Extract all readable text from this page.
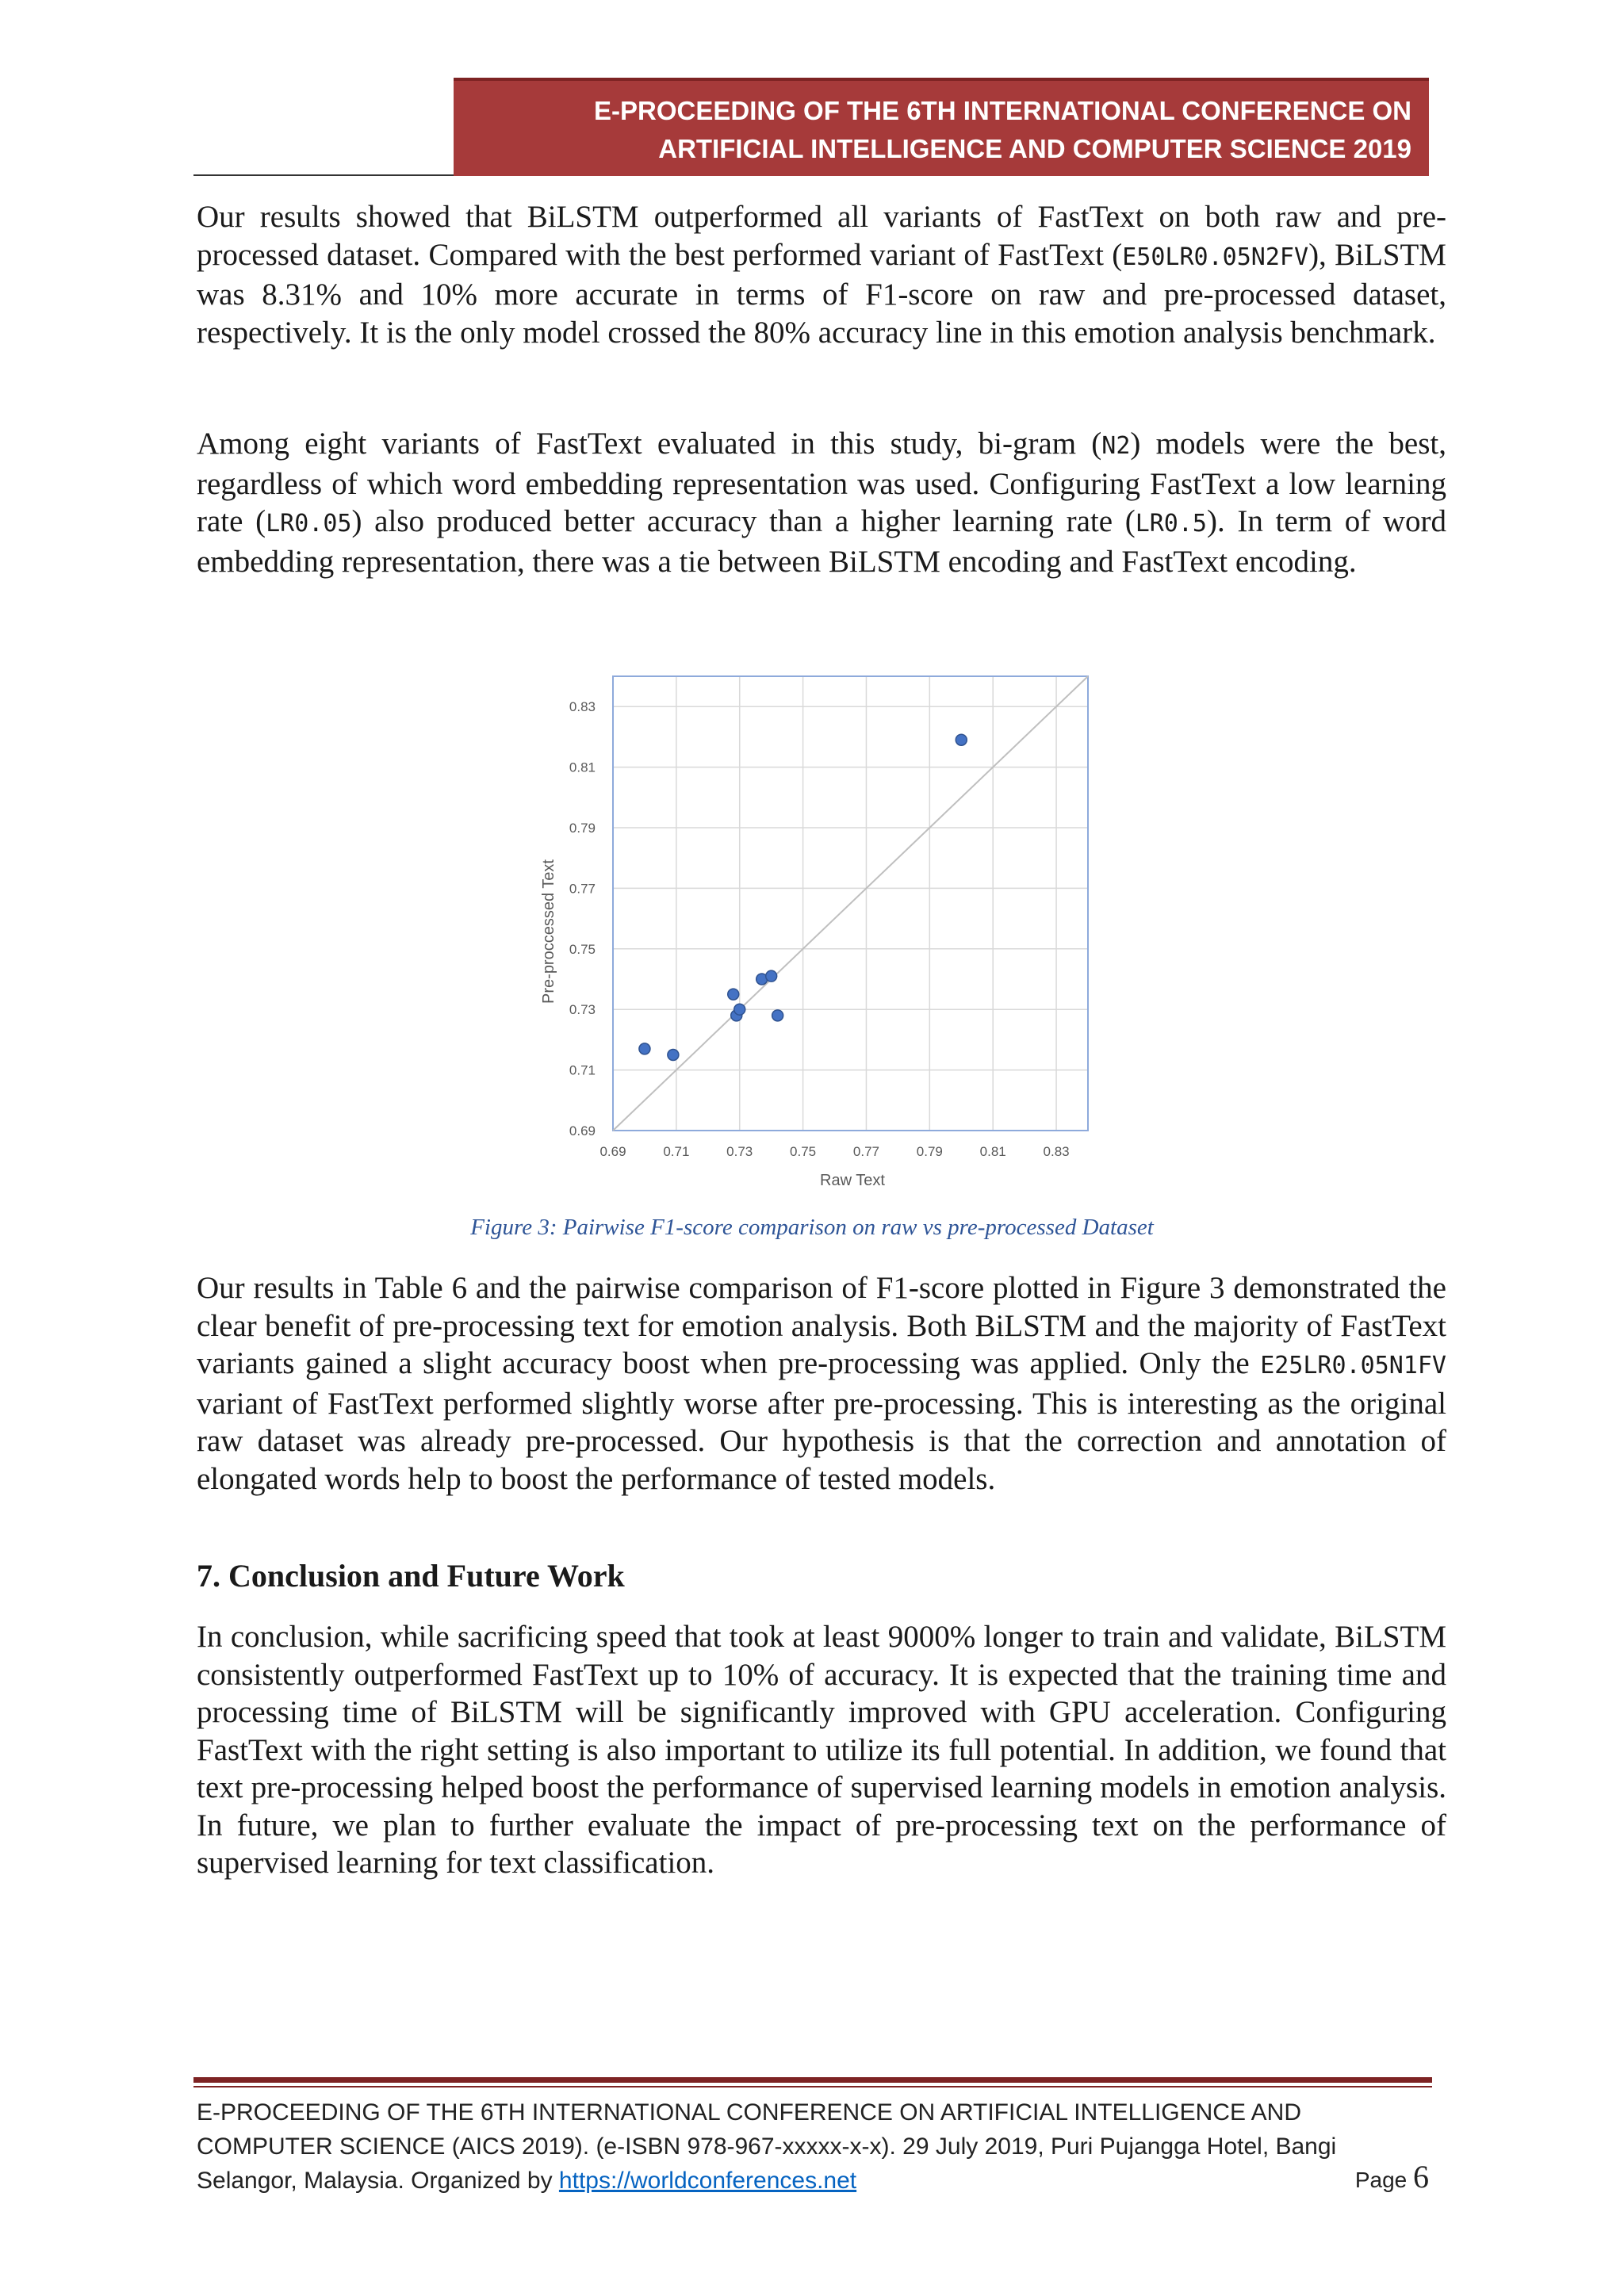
E-PROCEEDING OF THE 6TH INTERNATIONAL CONFERENCE ON
ARTIFICIAL INTELLIGENCE AND COMPUTER SCIENCE 2019

Our results showed that BiLSTM outperformed all variants of FastText on both raw and pre-processed dataset. Compared with the best performed variant of FastText (E50LR0.05N2FV), BiLSTM was 8.31% and 10% more accurate in terms of F1-score on raw and pre-processed dataset, respectively. It is the only model crossed the 80% accuracy line in this emotion analysis benchmark.

Among eight variants of FastText evaluated in this study, bi-gram (N2) models were the best, regardless of which word embedding representation was used. Configuring FastText a low learning rate (LR0.05) also produced better accuracy than a higher learning rate (LR0.5). In term of word embedding representation, there was a tie between BiLSTM encoding and FastText encoding.

0.69	0.71	0.73	0.75	0.77	0.79	0.81	0.83
0.69
0.71
0.73
0.75
0.77
0.79
0.81
0.83
Raw Text
Pre-proccessed Text
Figure 3: Pairwise F1-score comparison on raw vs pre-processed Dataset

Our results in Table 6 and the pairwise comparison of F1-score plotted in Figure 3 demonstrated the clear benefit of pre-processing text for emotion analysis. Both BiLSTM and the majority of FastText variants gained a slight accuracy boost when pre-processing was applied. Only the E25LR0.05N1FV variant of FastText performed slightly worse after pre-processing. This is interesting as the original raw dataset was already pre-processed. Our hypothesis is that the correction and annotation of elongated words help to boost the performance of tested models.

7. Conclusion and Future Work

In conclusion, while sacrificing speed that took at least 9000% longer to train and validate, BiLSTM consistently outperformed FastText up to 10% of accuracy. It is expected that the training time and processing time of BiLSTM will be significantly improved with GPU acceleration. Configuring FastText with the right setting is also important to utilize its full potential. In addition, we found that text pre-processing helped boost the performance of supervised learning models in emotion analysis. In future, we plan to further evaluate the impact of pre-processing text on the performance of supervised learning for text classification.

E-PROCEEDING OF THE 6TH INTERNATIONAL CONFERENCE ON ARTIFICIAL INTELLIGENCE AND COMPUTER SCIENCE (AICS 2019). (e-ISBN 978-967-xxxxx-x-x). 29 July 2019, Puri Pujangga Hotel, Bangi Selangor, Malaysia. Organized by https://worldconferences.net	Page 6
